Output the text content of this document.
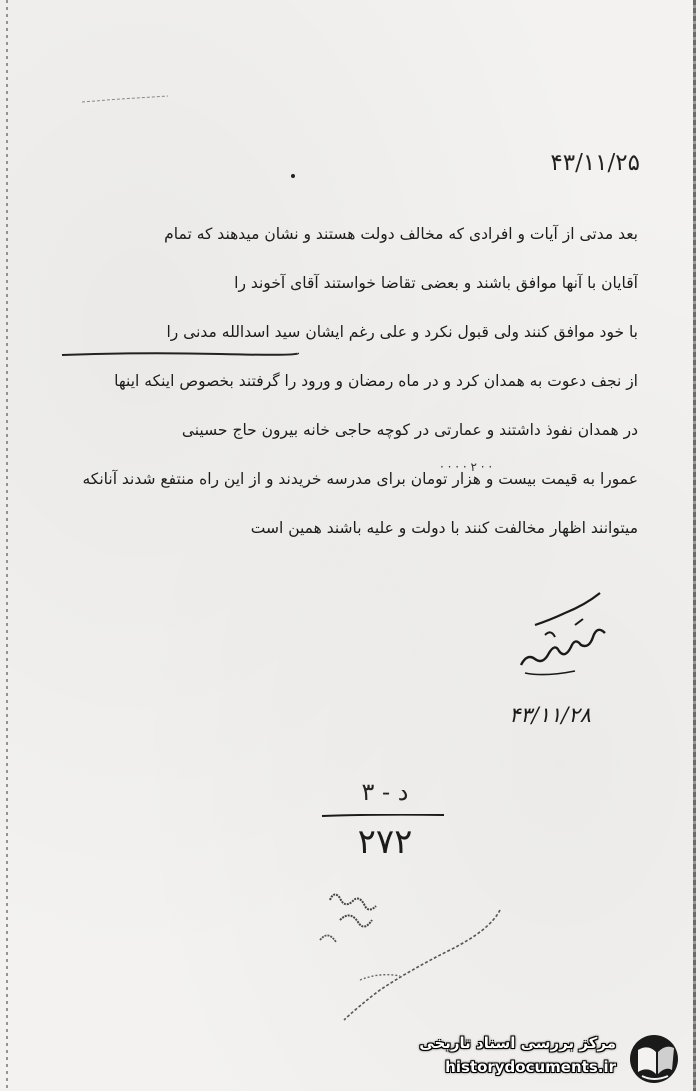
۴۳/۱۱/۲۵
بعد مدتی از آیات و افرادی که مخالف دولت هستند و نشان میدهند که تمام
آقایان با آنها موافق باشند و بعضی تقاضا خواستند آقای آخوند را
با خود موافق کنند ولی قبول نکرد و علی رغم ایشان سید اسدالله مدنی را
از نجف دعوت به همدان کرد و در ماه رمضان و ورود را گرفتند بخصوص اینکه اینها
در همدان نفوذ داشتند و عمارتی در کوچه حاجی خانه بیرون حاج حسینی
عمورا به قیمت بیست و هزار تومان برای مدرسه خریدند و از این راه منتفع شدند آنانکه
میتوانند اظهار مخالفت کنند با دولت و علیه باشند همین است
· · · · ۲ · ·
۴۳/۱۱/۲۸
د - ۳
۲۷۲
مرکز بررسی اسناد تاریخی
historydocuments.ir
